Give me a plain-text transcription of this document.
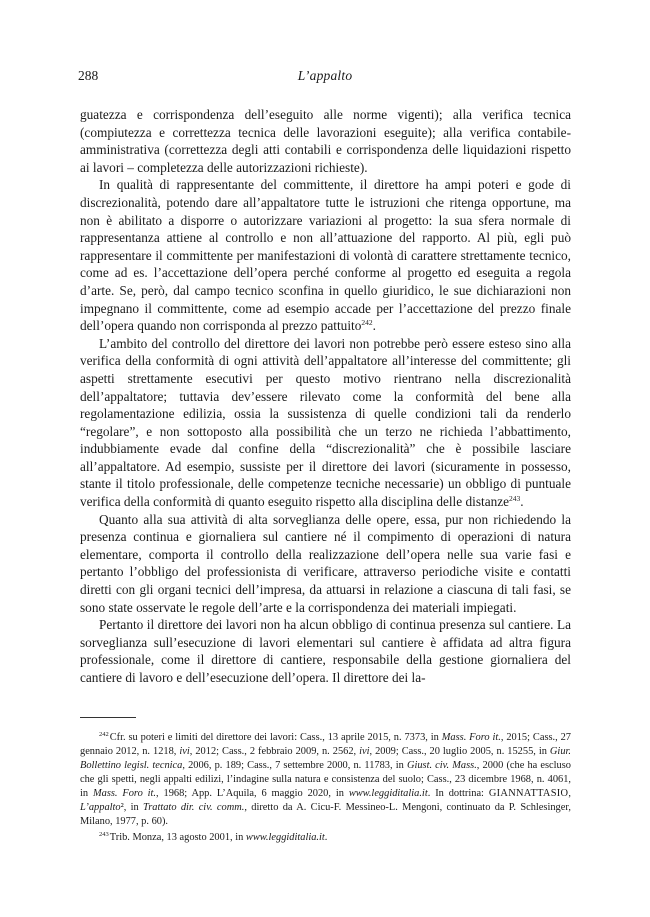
288	L’appalto

guatezza e corrispondenza dell’eseguito alle norme vigenti); alla verifica tecnica (compiutezza e correttezza tecnica delle lavorazioni eseguite); alla verifica contabile-amministrativa (correttezza degli atti contabili e corrispondenza delle liquidazioni rispetto ai lavori – completezza delle autorizzazioni richieste).

In qualità di rappresentante del committente, il direttore ha ampi poteri e gode di discrezionalità, potendo dare all’appaltatore tutte le istruzioni che ritenga opportune, ma non è abilitato a disporre o autorizzare variazioni al progetto: la sua sfera normale di rappresentanza attiene al controllo e non all’attuazione del rapporto. Al più, egli può rappresentare il committente per manifestazioni di volontà di carattere strettamente tecnico, come ad es. l’accettazione dell’opera perché conforme al progetto ed eseguita a regola d’arte. Se, però, dal campo tecnico sconfina in quello giuridico, le sue dichiarazioni non impegnano il committente, come ad esempio accade per l’accettazione del prezzo finale dell’opera quando non corrisponda al prezzo pattuito$^{242}$.

L’ambito del controllo del direttore dei lavori non potrebbe però essere esteso sino alla verifica della conformità di ogni attività dell’appaltatore all’interesse del committente; gli aspetti strettamente esecutivi per questo motivo rientrano nella discrezionalità dell’appaltatore; tuttavia dev’essere rilevato come la conformità del bene alla regolamentazione edilizia, ossia la sussistenza di quelle condizioni tali da renderlo “regolare”, e non sottoposto alla possibilità che un terzo ne richieda l’abbattimento, indubbiamente evade dal confine della “discrezionalità” che è possibile lasciare all’appaltatore. Ad esempio, sussiste per il direttore dei lavori (sicuramente in possesso, stante il titolo professionale, delle competenze tecniche necessarie) un obbligo di puntuale verifica della conformità di quanto eseguito rispetto alla disciplina delle distanze$^{243}$.

Quanto alla sua attività di alta sorveglianza delle opere, essa, pur non richiedendo la presenza continua e giornaliera sul cantiere né il compimento di operazioni di natura elementare, comporta il controllo della realizzazione dell’opera nelle sua varie fasi e pertanto l’obbligo del professionista di verificare, attraverso periodiche visite e contatti diretti con gli organi tecnici dell’impresa, da attuarsi in relazione a ciascuna di tali fasi, se sono state osservate le regole dell’arte e la corrispondenza dei materiali impiegati.

Pertanto il direttore dei lavori non ha alcun obbligo di continua presenza sul cantiere. La sorveglianza sull’esecuzione di lavori elementari sul cantiere è affidata ad altra figura professionale, come il direttore di cantiere, responsabile della gestione giornaliera del cantiere di lavoro e dell’esecuzione dell’opera. Il direttore dei la-

$^{242}$Cfr. su poteri e limiti del direttore dei lavori: Cass., 13 aprile 2015, n. 7373, in Mass. Foro it., 2015; Cass., 27 gennaio 2012, n. 1218, ivi, 2012; Cass., 2 febbraio 2009, n. 2562, ivi, 2009; Cass., 20 luglio 2005, n. 15255, in Giur. Bollettino legisl. tecnica, 2006, p. 189; Cass., 7 settembre 2000, n. 11783, in Giust. civ. Mass., 2000 (che ha escluso che gli spetti, negli appalti edilizi, l’indagine sulla natura e consistenza del suolo; Cass., 23 dicembre 1968, n. 4061, in Mass. Foro it., 1968; App. L’Aquila, 6 maggio 2020, in www.leggiditalia.it. In dottrina: GIANNATTASIO, L’appalto², in Trattato dir. civ. comm., diretto da A. Cicu-F. Messineo-L. Mengoni, continuato da P. Schlesinger, Milano, 1977, p. 60).

$^{243}$Trib. Monza, 13 agosto 2001, in www.leggiditalia.it.
